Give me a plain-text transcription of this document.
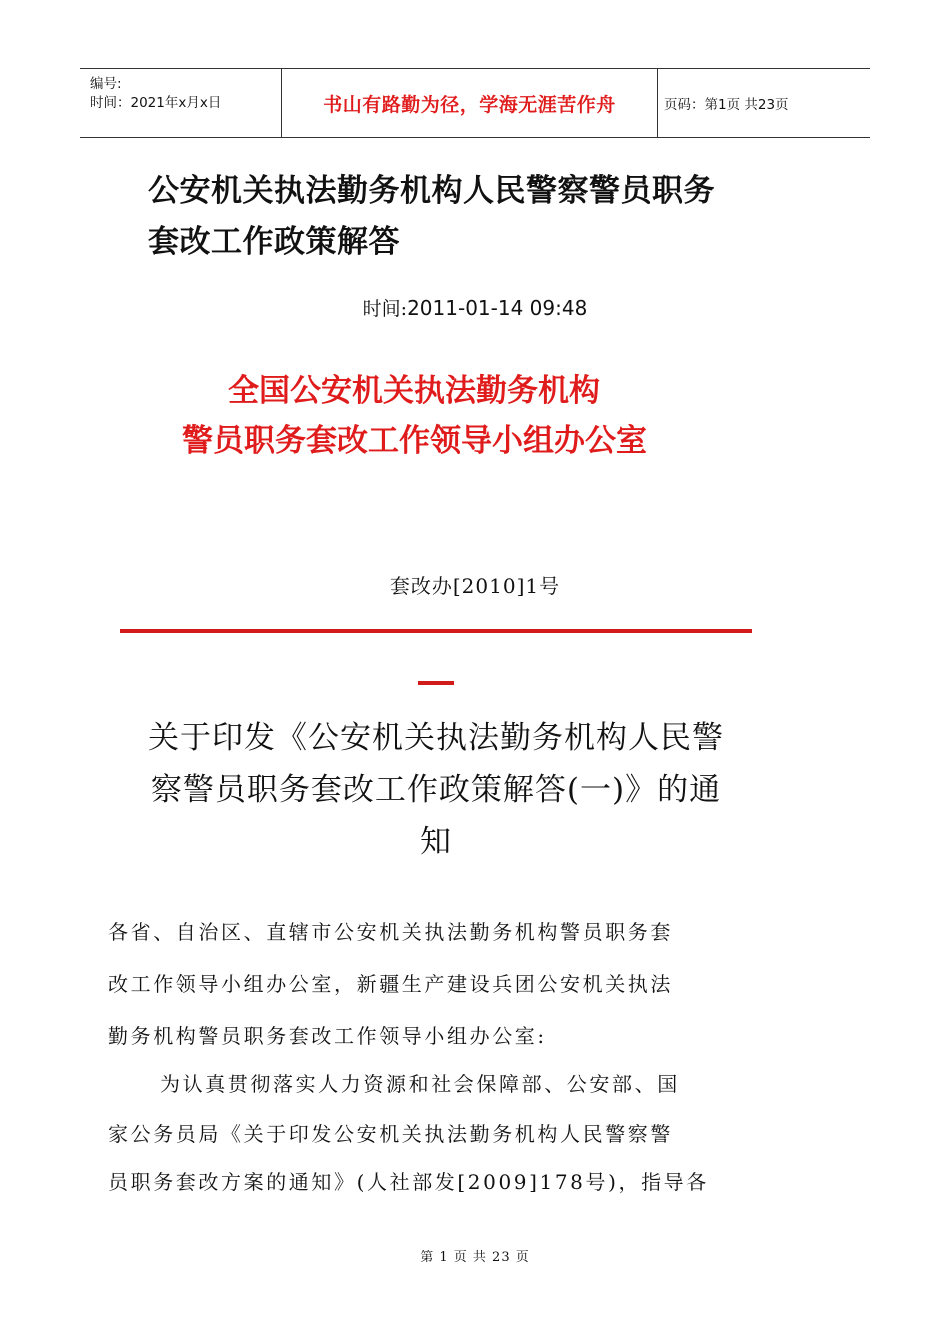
编号:
时间：2021年x月x日	书山有路勤为径，学海无涯苦作舟	页码：第1页 共23页
公安机关执法勤务机构人民警察警员职务
套改工作政策解答
时间:2011-01-14 09:48
全国公安机关执法勤务机构
警员职务套改工作领导小组办公室
套改办[2010]1号
关于印发《公安机关执法勤务机构人民警
察警员职务套改工作政策解答(一)》的通
知
各省、自治区、直辖市公安机关执法勤务机构警员职务套
改工作领导小组办公室，新疆生产建设兵团公安机关执法
勤务机构警员职务套改工作领导小组办公室:
为认真贯彻落实人力资源和社会保障部、公安部、国
家公务员局《关于印发公安机关执法勤务机构人民警察警
员职务套改方案的通知》(人社部发[2009]178号)，指导各
第 1 页 共 23 页
